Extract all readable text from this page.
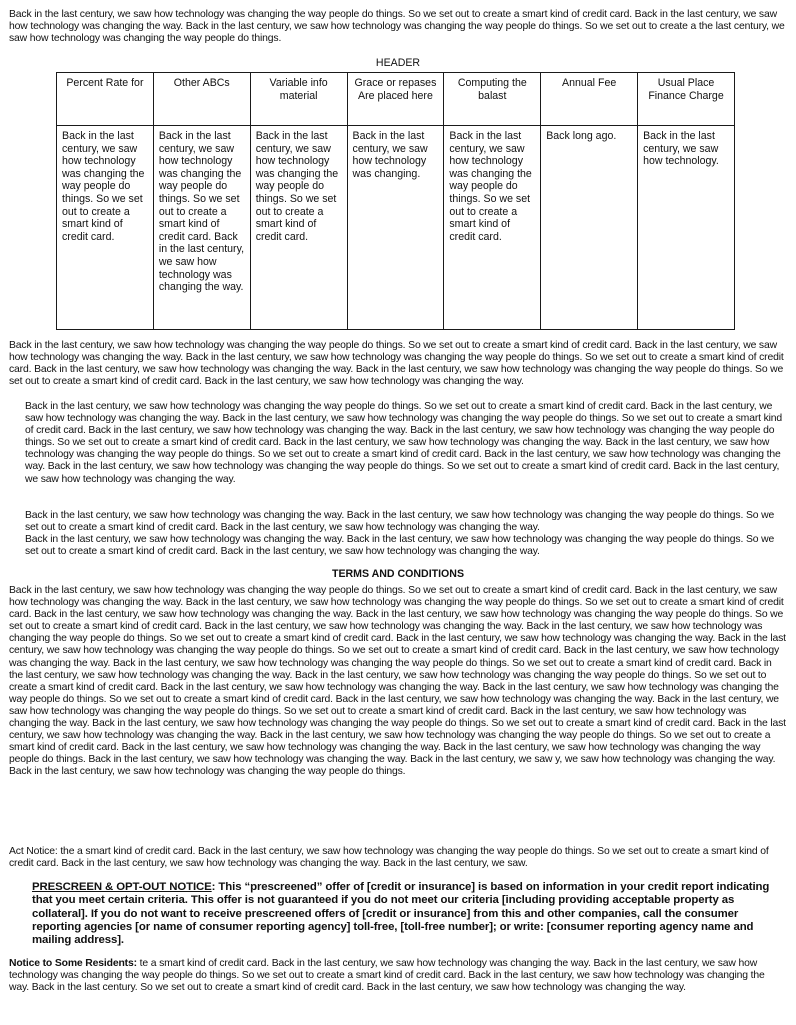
Back in the last century, we saw how technology was changing the way people do things. So we set out to create a smart kind of credit card. Back in the last century, we saw how technology was changing the way. Back in the last century, we saw how technology was changing the way people do things. So we set out to create a the last century, we saw how technology was changing the way people do things.

HEADER
Percent Rate for	Other ABCs	Variable info material	Grace or repases Are placed here	Computing the balast	Annual Fee	Usual Place Finance Charge
Back in the last century, we saw how technology was changing the way people do things. So we set out to create a smart kind of credit card.	Back in the last century, we saw how technology was changing the way people do things. So we set out to create a smart kind of credit card. Back in the last century, we saw how technology was changing the way.	Back in the last century, we saw how technology was changing the way people do things. So we set out to create a smart kind of credit card.	Back in the last century, we saw how technology was changing.	Back in the last century, we saw how technology was changing the way people do things. So we set out to create a smart kind of credit card.	Back long ago.	Back in the last century, we saw how technology.

Back in the last century, we saw how technology was changing the way people do things. So we set out to create a smart kind of credit card. Back in the last century, we saw how technology was changing the way. Back in the last century, we saw how technology was changing the way people do things. So we set out to create a smart kind of credit card. Back in the last century, we saw how technology was changing the way. Back in the last century, we saw how technology was changing the way people do things. So we set out to create a smart kind of credit card. Back in the last century, we saw how technology was changing the way.

Back in the last century, we saw how technology was changing the way people do things. So we set out to create a smart kind of credit card. Back in the last century, we saw how technology was changing the way. Back in the last century, we saw how technology was changing the way people do things. So we set out to create a smart kind of credit card. Back in the last century, we saw how technology was changing the way. Back in the last century, we saw how technology was changing the way people do things. So we set out to create a smart kind of credit card. Back in the last century, we saw how technology was changing the way. Back in the last century, we saw how technology was changing the way people do things. So we set out to create a smart kind of credit card. Back in the last century, we saw how technology was changing the way. Back in the last century, we saw how technology was changing the way people do things. So we set out to create a smart kind of credit card. Back in the last century, we saw how technology was changing the way.

Back in the last century, we saw how technology was changing the way. Back in the last century, we saw how technology was changing the way people do things. So we set out to create a smart kind of credit card. Back in the last century, we saw how technology was changing the way.

Back in the last century, we saw how technology was changing the way. Back in the last century, we saw how technology was changing the way people do things. So we set out to create a smart kind of credit card. Back in the last century, we saw how technology was changing the way.

TERMS AND CONDITIONS

Back in the last century, we saw how technology was changing the way people do things. So we set out to create a smart kind of credit card. Back in the last century, we saw how technology was changing the way. Back in the last century, we saw how technology was changing the way people do things. So we set out to create a smart kind of credit card. Back in the last century, we saw how technology was changing the way. Back in the last century, we saw how technology was changing the way people do things. So we set out to create a smart kind of credit card. Back in the last century, we saw how technology was changing the way. Back in the last century, we saw how technology was changing the way people do things. So we set out to create a smart kind of credit card. Back in the last century, we saw how technology was changing the way. Back in the last century, we saw how technology was changing the way people do things. So we set out to create a smart kind of credit card. Back in the last century, we saw how technology was changing the way. Back in the last century, we saw how technology was changing the way people do things. So we set out to create a smart kind of credit card. Back in the last century, we saw how technology was changing the way. Back in the last century, we saw how technology was changing the way people do things. So we set out to create a smart kind of credit card. Back in the last century, we saw how technology was changing the way. Back in the last century, we saw how technology was changing the way people do things. So we set out to create a smart kind of credit card. Back in the last century, we saw how technology was changing the way. Back in the last century, we saw how technology was changing the way people do things. So we set out to create a smart kind of credit card. Back in the last century, we saw how technology was changing the way. Back in the last century, we saw how technology was changing the way people do things. So we set out to create a smart kind of credit card. Back in the last century, we saw how technology was changing the way. Back in the last century, we saw how technology was changing the way people do things. So we set out to create a smart kind of credit card. Back in the last century, we saw how technology was changing the way. Back in the last century, we saw how technology was changing the way people do things. Back in the last century, we saw how technology was changing the way. Back in the last century, we saw y, we saw how technology was changing the way. Back in the last century, we saw how technology was changing the way people do things.

Act Notice: the a smart kind of credit card. Back in the last century, we saw how technology was changing the way people do things. So we set out to create a smart kind of credit card. Back in the last century, we saw how technology was changing the way. Back in the last century, we saw.

PRESCREEN & OPT-OUT NOTICE: This “prescreened” offer of [credit or insurance] is based on information in your credit report indicating that you meet certain criteria. This offer is not guaranteed if you do not meet our criteria [including providing acceptable property as collateral]. If you do not want to receive prescreened offers of [credit or insurance] from this and other companies, call the consumer reporting agencies [or name of consumer reporting agency] toll-free, [toll-free number]; or write: [consumer reporting agency name and mailing address].

Notice to Some Residents: te a smart kind of credit card. Back in the last century, we saw how technology was changing the way. Back in the last century, we saw how technology was changing the way people do things. So we set out to create a smart kind of credit card. Back in the last century, we saw how technology was changing the way. Back in the last century. So we set out to create a smart kind of credit card. Back in the last century, we saw how technology was changing the way.
